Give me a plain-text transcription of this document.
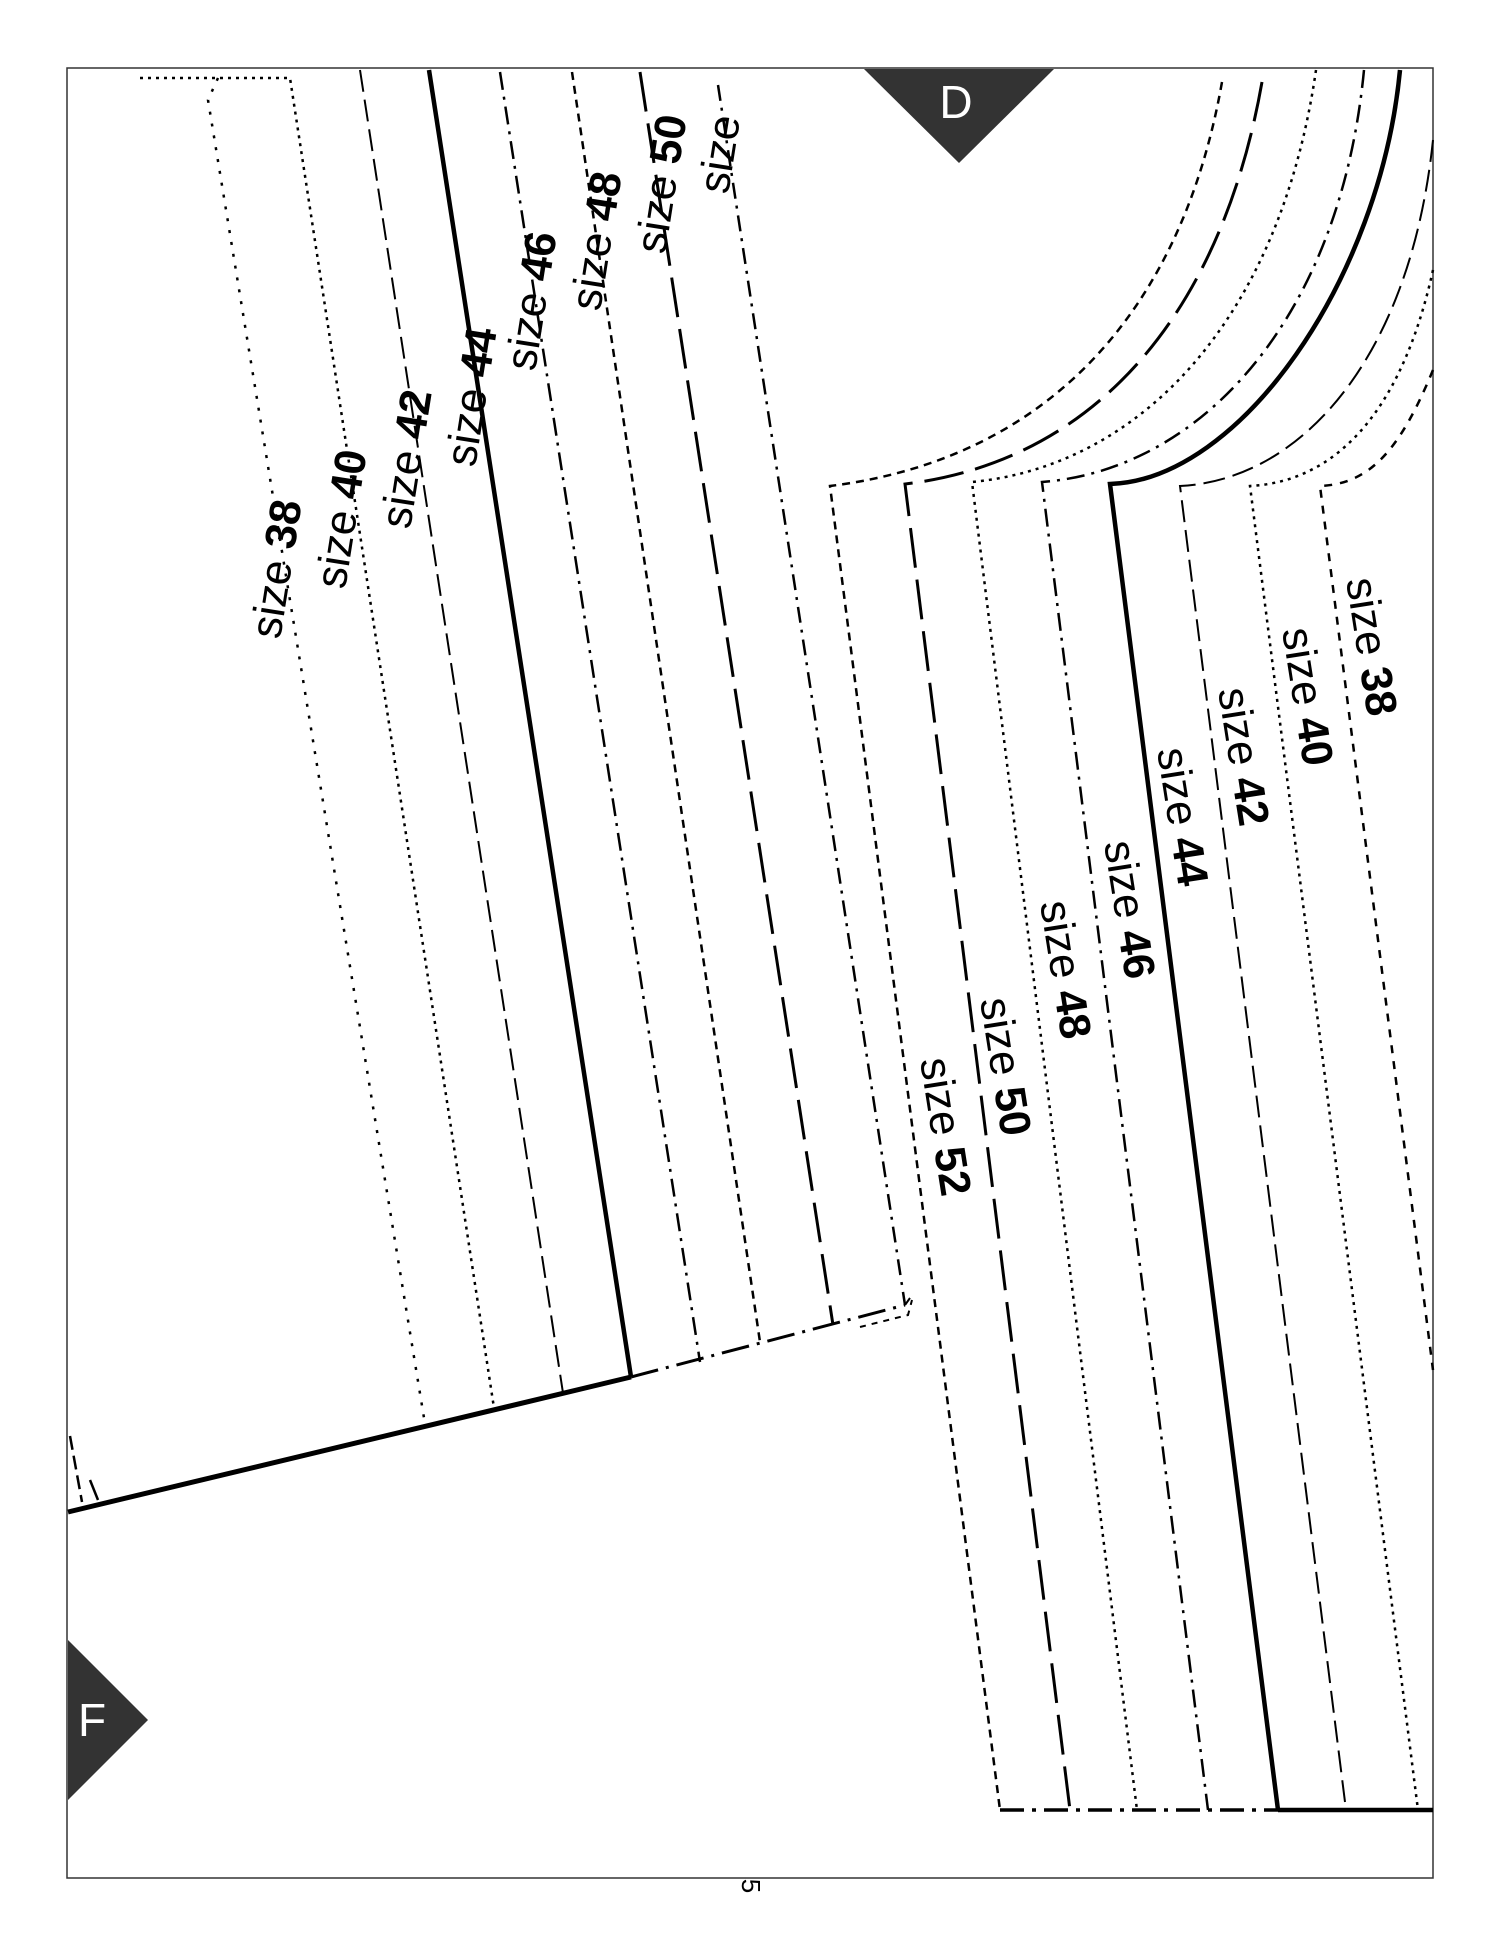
D
F
size 38
size 40
size 42
size 44
size 46
size 48
size 50
size
size 38
size 40
size 42
size 44
size 46
size 48
size 50
size 52
5
